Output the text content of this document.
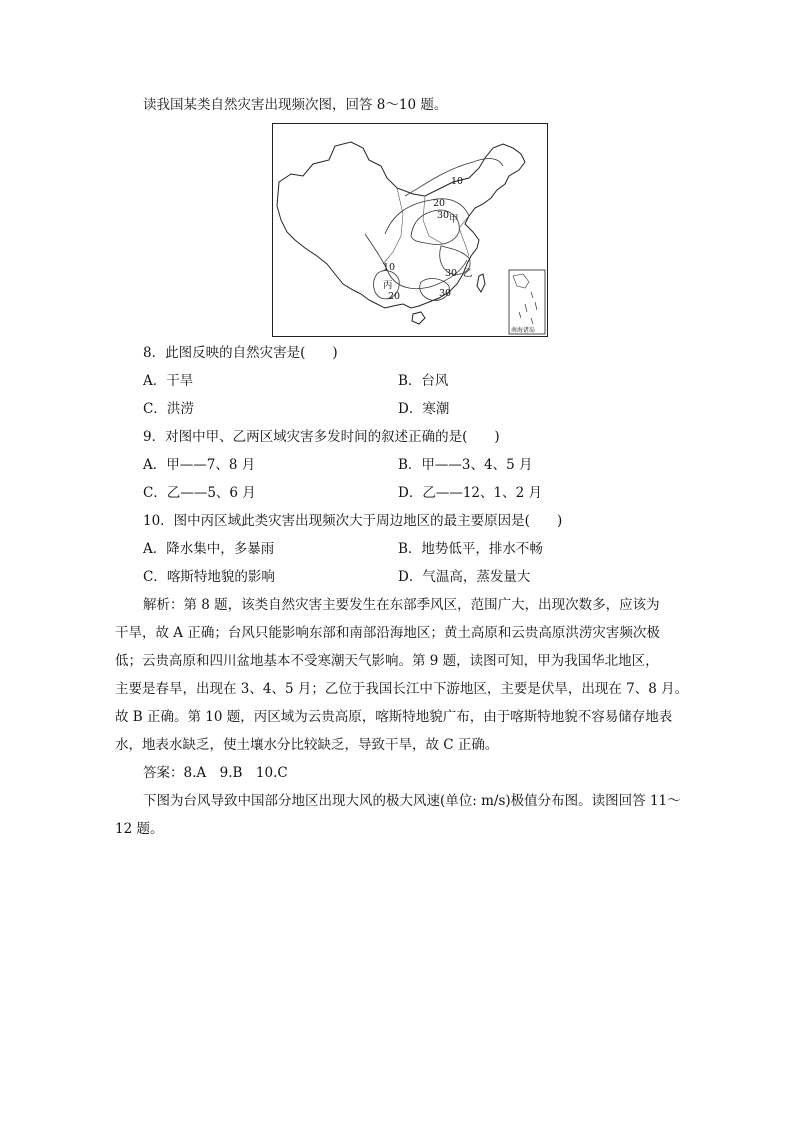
读我国某类自然灾害出现频次图，回答 8～10 题。
10
20
30
10
30
20	30
甲
乙
丙
南海诸岛
8．此图反映的自然灾害是(　　)
A．干旱	B．台风
C．洪涝	D．寒潮
9．对图中甲、乙两区域灾害多发时间的叙述正确的是(　　)
A．甲——7、8 月	B．甲——3、4、5 月
C．乙——5、6 月	D．乙——12、1、2 月
10．图中丙区域此类灾害出现频次大于周边地区的最主要原因是(　　)
A．降水集中，多暴雨	B．地势低平，排水不畅
C．喀斯特地貌的影响	D．气温高，蒸发量大
解析：第 8 题，该类自然灾害主要发生在东部季风区，范围广大，出现次数多，应该为
干旱，故 A 正确；台风只能影响东部和南部沿海地区；黄土高原和云贵高原洪涝灾害频次极
低；云贵高原和四川盆地基本不受寒潮天气影响。第 9 题，读图可知，甲为我国华北地区，
主要是春旱，出现在 3、4、5 月；乙位于我国长江中下游地区，主要是伏旱，出现在 7、8 月。
故 B 正确。第 10 题，丙区域为云贵高原，喀斯特地貌广布，由于喀斯特地貌不容易储存地表
水，地表水缺乏，使土壤水分比较缺乏，导致干旱，故 C 正确。
答案：8.A　9.B　10.C
下图为台风导致中国部分地区出现大风的极大风速(单位: m/s)极值分布图。读图回答 11～
12 题。
